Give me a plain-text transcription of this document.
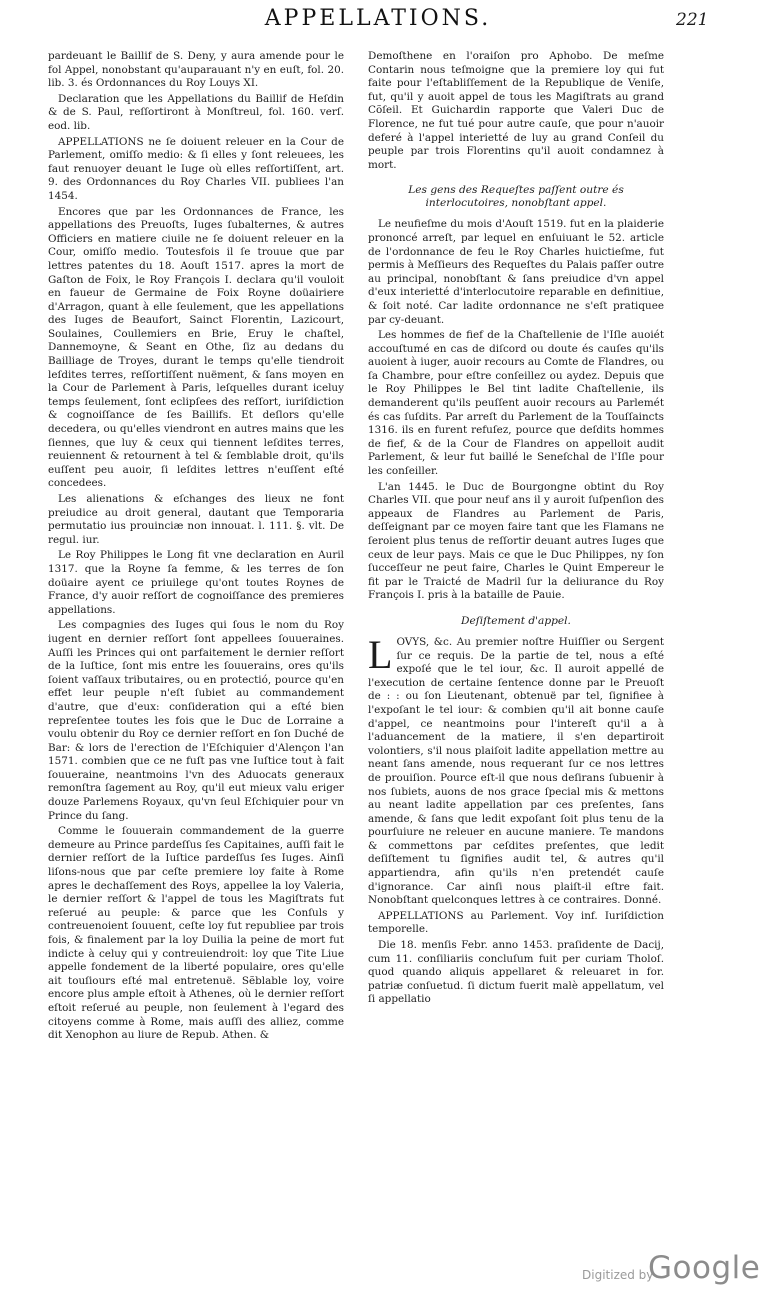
APPELLATIONS.	221

pardeuant le Baillif de S. Deny, y aura amende pour le fol Appel, nonobstant qu'auparauant n'y en euſt, fol. 20. lib. 3. és Ordonnances du Roy Louys XI.

Declaration que les Appellations du Baillif de Heſdin & de S. Paul, reſſortiront à Monſtreul, fol. 160. verſ. eod. lib.

APPELLATIONS ne ſe doiuent releuer en la Cour de Parlement, omiſſo medio: & ſi elles y ſont releuees, les faut renuoyer deuant le Iuge où elles reſſortiſſent, art. 9. des Ordonnances du Roy Charles VII. publiees l'an 1454.

Encores que par les Ordonnances de France, les appellations des Preuoſts, Iuges ſubalternes, & autres Officiers en matiere ciuile ne ſe doiuent releuer en la Cour, omiſſo medio. Toutesfois il ſe trouue que par lettres patentes du 18. Aouſt 1517. apres la mort de Gaſton de Foix, le Roy François I. declara qu'il vouloit en faueur de Germaine de Foix Royne doüairiere d'Arragon, quant à elle ſeulement, que les appellations des Iuges de Beaufort, Sainct Florentin, Lazicourt, Soulaines, Coullemiers en Brie, Eruy le chaſtel, Dannemoyne, & Seant en Othe, ſiz au dedans du Bailliage de Troyes, durant le temps qu'elle tiendroit leſdites terres, reſſortiſſent nuëment, & ſans moyen en la Cour de Parlement à Paris, leſquelles durant iceluy temps ſeulement, ſont eclipſees des reſſort, iuriſdiction & cognoiſſance de ſes Baillifs. Et deſlors qu'elle decedera, ou qu'elles viendront en autres mains que les ſiennes, que luy & ceux qui tiennent leſdites terres, reuiennent & retournent à tel & ſemblable droit, qu'ils euſſent peu auoir, ſi leſdites lettres n'euſſent eſté concedees.

Les alienations & eſchanges des lieux ne font preiudice au droit general, dautant que Temporaria permutatio ius prouinciæ non innouat. l. 111. §. vlt. De regul. iur.

Le Roy Philippes le Long fit vne declaration en Auril 1317. que la Royne ſa femme, & les terres de ſon doüaire ayent ce priuilege qu'ont toutes Roynes de France, d'y auoir reſſort de cognoiſſance des premieres appellations.

Les compagnies des Iuges qui ſous le nom du Roy iugent en dernier reſſort ſont appellees ſouueraines. Auſſi les Princes qui ont parfaitement le dernier reſſort de la Iuſtice, ſont mis entre les ſouuerains, ores qu'ils ſoient vaſſaux tributaires, ou en protectió, pource qu'en effet leur peuple n'eſt ſubiet au commandement d'autre, que d'eux: conſideration qui a eſté bien repreſentee toutes les fois que le Duc de Lorraine a voulu obtenir du Roy ce dernier reſſort en ſon Duché de Bar: & lors de l'erection de l'Eſchiquier d'Alençon l'an 1571. combien que ce ne fuſt pas vne Iuſtice tout à fait ſouueraine, neantmoins l'vn des Aduocats generaux remonſtra ſagement au Roy, qu'il eut mieux valu eriger douze Parlemens Royaux, qu'vn ſeul Eſchiquier pour vn Prince du ſang.

Comme le ſouuerain commandement de la guerre demeure au Prince pardeſſus ſes Capitaines, auſſi fait le dernier reſſort de la Iuſtice pardeſſus ſes Iuges. Ainſi liſons-nous que par ceſte premiere loy faite à Rome apres le dechaſſement des Roys, appellee la loy Valeria, le dernier reſſort & l'appel de tous les Magiſtrats fut reſerué au peuple: & parce que les Conſuls y contreuenoient ſouuent, ceſte loy fut republiee par trois fois, & finalement par la loy Duilia la peine de mort fut indicte à celuy qui y contreuiendroit: loy que Tite Liue appelle fondement de la liberté populaire, ores qu'elle ait touſiours eſté mal entretenuë. Sẽblable loy, voire encore plus ample eſtoit à Athenes, où le dernier reſſort eſtoit reſerué au peuple, non ſeulement à l'egard des citoyens comme à Rome, mais auſſi des alliez, comme dit Xenophon au liure de Repub. Athen. &

Demoſthene en l'oraiſon pro Aphobo. De meſme Contarin nous teſmoigne que la premiere loy qui fut faite pour l'eſtabliſſement de la Republique de Veniſe, fut, qu'il y auoit appel de tous les Magiſtrats au grand Cõſeil. Et Guichardin rapporte que Valeri Duc de Florence, ne fut tué pour autre cauſe, que pour n'auoir deferé à l'appel interietté de luy au grand Conſeil du peuple par trois Florentins qu'il auoit condamnez à mort.

Les gens des Requeſtes paſſent outre és interlocutoires, nonobſtant appel.

Le neufieſme du mois d'Aouſt 1519. fut en la plaiderie prononcé arreſt, par lequel en enſuiuant le 52. article de l'ordonnance de feu le Roy Charles huictieſme, fut permis à Meſſieurs des Requeſtes du Palais paſſer outre au principal, nonobſtant & ſans preiudice d'vn appel d'eux interietté d'interlocutoire reparable en definitiue, & ſoit noté. Car ladite ordonnance ne s'eſt pratiquee par cy-deuant.

Les hommes de fief de la Chaſtellenie de l'Iſle auoiét accouſtumé en cas de diſcord ou doute és cauſes qu'ils auoient à iuger, auoir recours au Comte de Flandres, ou ſa Chambre, pour eſtre conſeillez ou aydez. Depuis que le Roy Philippes le Bel tint ladite Chaſtellenie, ils demanderent qu'ils peuſſent auoir recours au Parlemét és cas ſuſdits. Par arreſt du Parlement de la Touſſaincts 1316. ils en furent refuſez, pource que deſdits hommes de fief, & de la Cour de Flandres on appelloit audit Parlement, & leur fut baillé le Seneſchal de l'Iſle pour les conſeiller.

L'an 1445. le Duc de Bourgongne obtint du Roy Charles VII. que pour neuf ans il y auroit ſuſpenſion des appeaux de Flandres au Parlement de Paris, deſſeignant par ce moyen faire tant que les Flamans ne ſeroient plus tenus de reſſortir deuant autres Iuges que ceux de leur pays. Mais ce que le Duc Philippes, ny ſon ſucceſſeur ne peut faire, Charles le Quint Empereur le fit par le Traicté de Madril ſur la deliurance du Roy François I. pris à la bataille de Pauie.

Deſiſtement d'appel.
L OVYS, &c. Au premier noſtre Huiſſier ou Sergent ſur ce requis. De la partie de tel, nous a eſté expoſé que le tel iour, &c. Il auroit appellé de l'execution de certaine ſentence donne par le Preuoſt de : : ou ſon Lieutenant, obtenuë par tel, ſignifiee à l'expoſant le tel iour: & combien qu'il ait bonne cauſe d'appel, ce neantmoins pour l'intereſt qu'il a à l'aduancement de la matiere, il s'en departiroit volontiers, s'il nous plaiſoit ladite appellation mettre au neant ſans amende, nous requerant ſur ce nos lettres de prouiſion. Pource eſt-il que nous deſirans ſubuenir à nos ſubiets, auons de nos grace ſpecial mis & mettons au neant ladite appellation par ces preſentes, ſans amende, & ſans que ledit expoſant ſoit plus tenu de la pourſuiure ne releuer en aucune maniere. Te mandons & commettons par ceſdites preſentes, que ledit deſiſtement tu ſignifies audit tel, & autres qu'il appartiendra, afin qu'ils n'en pretendét cauſe d'ignorance. Car ainſi nous plaiſt-il eſtre fait. Nonobſtant quelconques lettres à ce contraires. Donné.

APPELLATIONS au Parlement. Voy inf. Iuriſdiction temporelle.

Die 18. menſis Febr. anno 1453. praſidente de Dacij, cum 11. conſiliariis concluſum fuit per curiam Tholoſ. quod quando aliquis appellaret & releuaret in for. patriæ conſuetud. ſi dictum fuerit malè appellatum, vel ſi appellatio

Digitized by
Google
